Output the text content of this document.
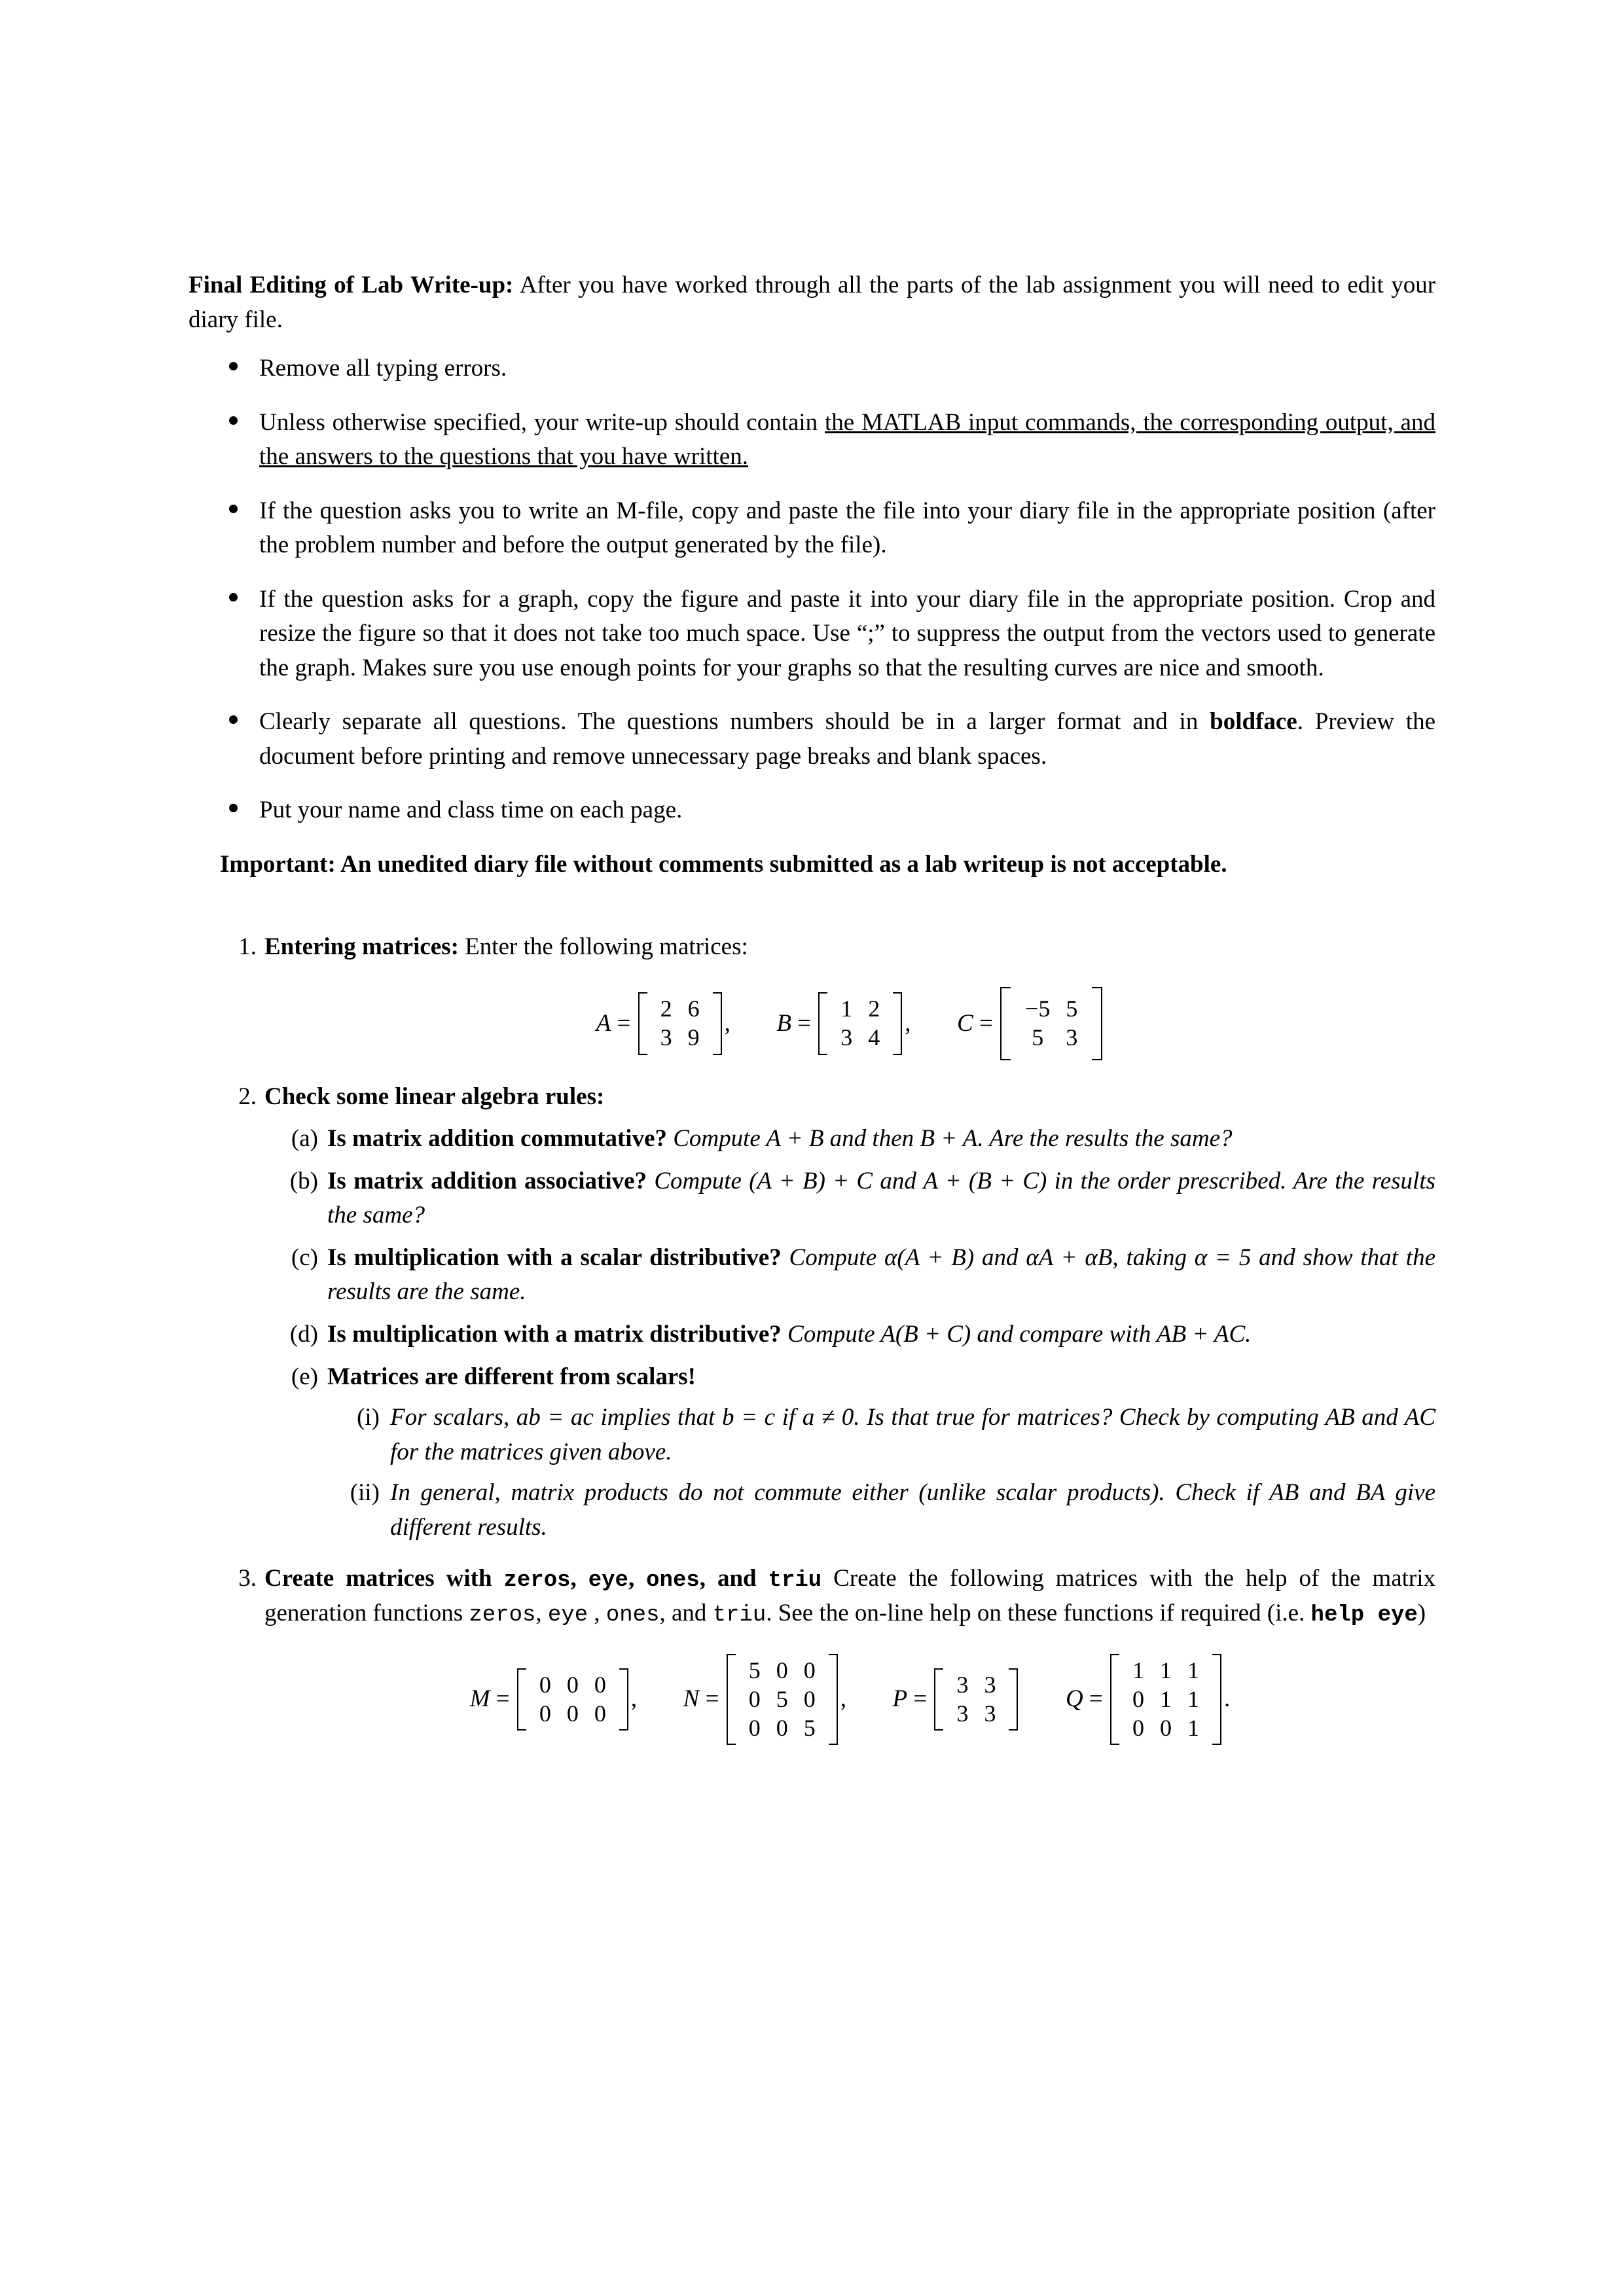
Final Editing of Lab Write-up: After you have worked through all the parts of the lab assignment you will need to edit your diary file.

Remove all typing errors.
Unless otherwise specified, your write-up should contain the MATLAB input commands, the corresponding output, and the answers to the questions that you have written.
If the question asks you to write an M-file, copy and paste the file into your diary file in the appropriate position (after the problem number and before the output generated by the file).
If the question asks for a graph, copy the figure and paste it into your diary file in the appropriate position. Crop and resize the figure so that it does not take too much space. Use “;” to suppress the output from the vectors used to generate the graph. Makes sure you use enough points for your graphs so that the resulting curves are nice and smooth.
Clearly separate all questions. The questions numbers should be in a larger format and in boldface. Preview the document before printing and remove unnecessary page breaks and blank spaces.
Put your name and class time on each page.

Important: An unedited diary file without comments submitted as a lab writeup is not acceptable.

1. Entering matrices: Enter the following matrices:
A =
2 6
3 9
,
B =
1 2
3 4
,
C =
−5 5
5 3
2. Check some linear algebra rules:
(a) Is matrix addition commutative? Compute A + B and then B + A. Are the results the same?
(b) Is matrix addition associative? Compute (A + B) + C and A + (B + C) in the order prescribed. Are the results the same?
(c) Is multiplication with a scalar distributive? Compute α(A + B) and αA + αB, taking α = 5 and show that the results are the same.
(d) Is multiplication with a matrix distributive? Compute A(B + C) and compare with AB + AC.
(e) Matrices are different from scalars!
(i) For scalars, ab = ac implies that b = c if a ≠ 0. Is that true for matrices? Check by computing AB and AC for the matrices given above.
(ii) In general, matrix products do not commute either (unlike scalar products). Check if AB and BA give different results.
3. Create matrices with zeros, eye, ones, and triu Create the following matrices with the help of the matrix generation functions zeros, eye , ones, and triu. See the on-line help on these functions if required (i.e. help eye)
M =
0 0 0
0 0 0
,
N =
5 0 0
0 5 0
0 0 5
,
P =
3 3
3 3

Q =
1 1 1
0 1 1
0 0 1
.
